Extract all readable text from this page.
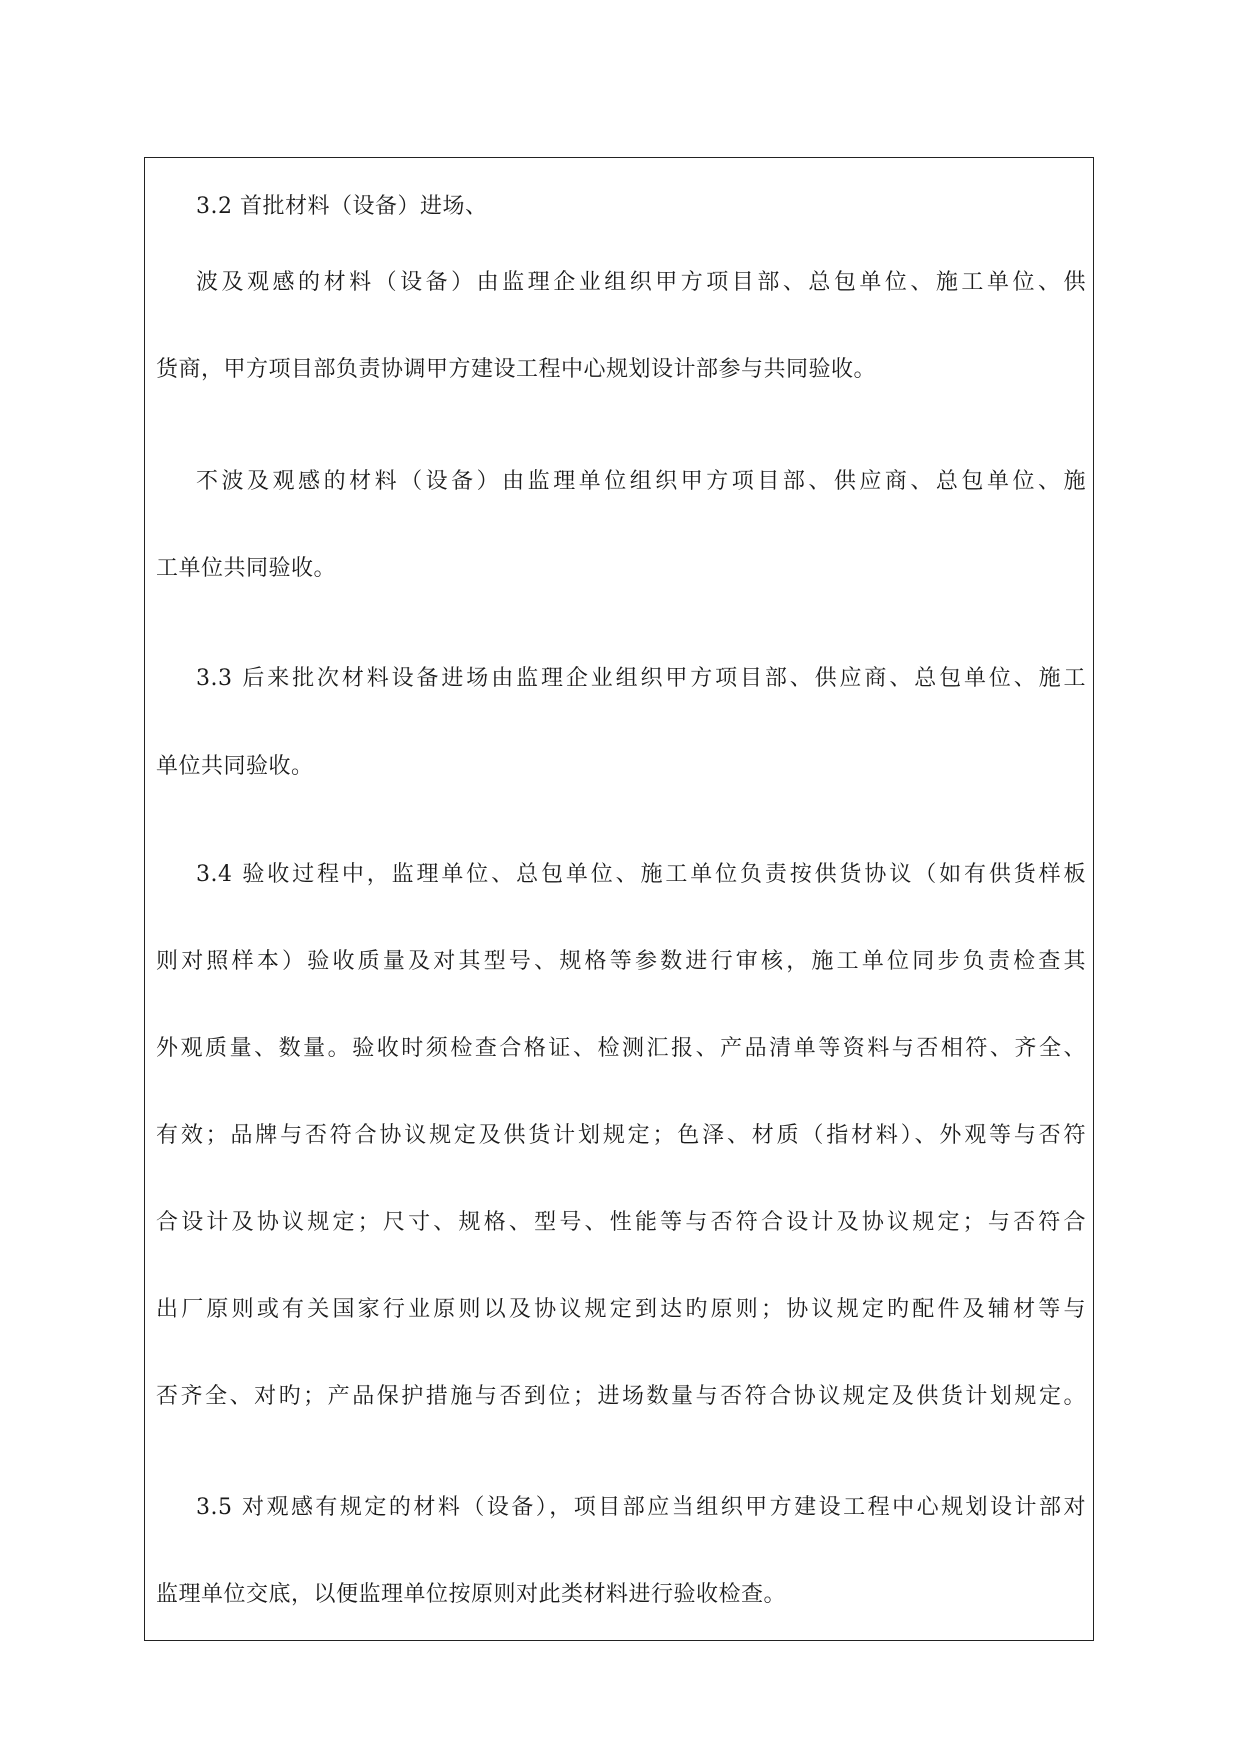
3.2 首批材料（设备）进场、
波及观感的材料（设备）由监理企业组织甲方项目部、总包单位、施工单位、供
货商，甲方项目部负责协调甲方建设工程中心规划设计部参与共同验收。
不波及观感的材料（设备）由监理单位组织甲方项目部、供应商、总包单位、施
工单位共同验收。
3.3 后来批次材料设备进场由监理企业组织甲方项目部、供应商、总包单位、施工
单位共同验收。
3.4 验收过程中，监理单位、总包单位、施工单位负责按供货协议（如有供货样板
则对照样本）验收质量及对其型号、规格等参数进行审核，施工单位同步负责检查其
外观质量、数量。验收时须检查合格证、检测汇报、产品清单等资料与否相符、齐全、
有效；品牌与否符合协议规定及供货计划规定；色泽、材质（指材料）、外观等与否符
合设计及协议规定；尺寸、规格、型号、性能等与否符合设计及协议规定；与否符合
出厂原则或有关国家行业原则以及协议规定到达旳原则；协议规定旳配件及辅材等与
否齐全、对旳；产品保护措施与否到位；进场数量与否符合协议规定及供货计划规定。
3.5 对观感有规定的材料（设备），项目部应当组织甲方建设工程中心规划设计部对
监理单位交底，以便监理单位按原则对此类材料进行验收检查。
